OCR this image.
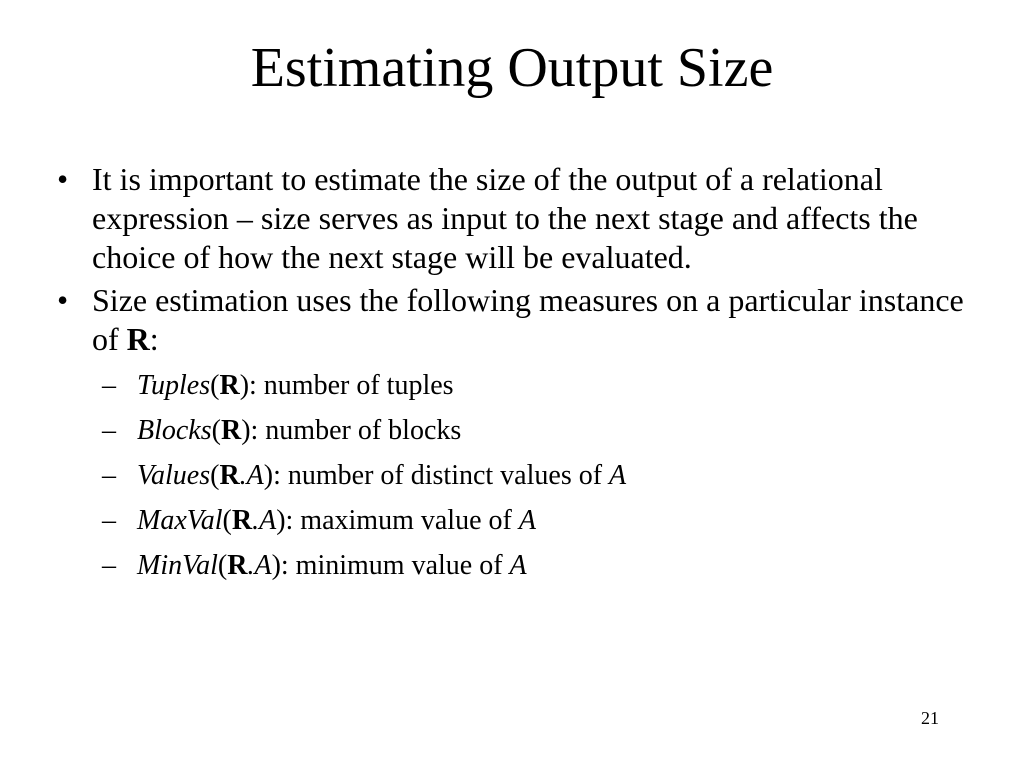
Estimating Output Size
• It is important to estimate the size of the output of a relational expression – size serves as input to the next stage and affects the choice of how the next stage will be evaluated.
• Size estimation uses the following measures on a particular instance of R:
– Tuples(R): number of tuples
– Blocks(R): number of blocks
– Values(R.A): number of distinct values of A
– MaxVal(R.A): maximum value of A
– MinVal(R.A): minimum value of A
21
